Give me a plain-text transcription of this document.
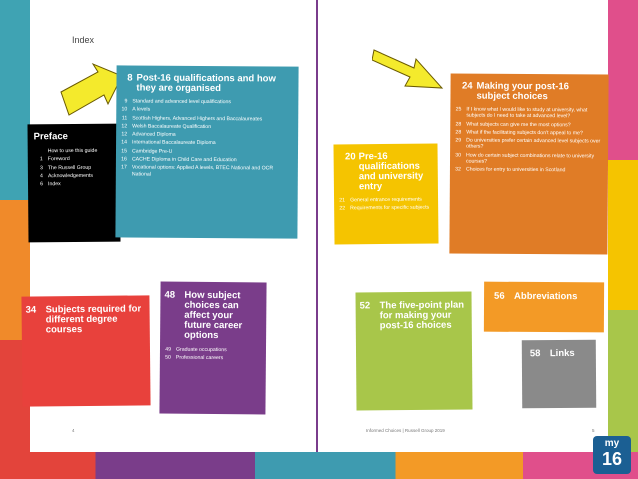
Index
Preface
How to use this guide
1 Foreword
3 The Russell Group
4 Acknowledgements
6 Index
8 Post-16 qualifications and how they are organised
9 Standard and advanced level qualifications
10 A levels
11 Scottish Highers, Advanced Highers and Baccalaureates
12 Welsh Baccalaureate Qualification
12 Advanced Diploma
14 International Baccalaureate Diploma
15 Cambridge Pre-U
16 CACHE Diploma in Child Care and Education
17 Vocational options: Applied A levels, BTEC National and OCR National
34 Subjects required for different degree courses
48 How subject choices can affect your future career options
49 Graduate occupations
50 Professional careers
20 Pre-16 qualifications and university entry
21 General entrance requirements
22 Requirements for specific subjects
24 Making your post-16 subject choices
25 If I know what I would like to study at university, what subjects do I need to take at advanced level?
28 What subjects can give me the most options?
28 What if the facilitating subjects don't appeal to me?
29 Do universities prefer certain advanced level subjects over others?
30 How do certain subject combinations relate to university courses?
32 Choices for entry to universities in Scotland
52 The five-point plan for making your post-16 choices
56 Abbreviations
58 Links
4	Informed Choices | Russell Group 2019	5
my
16
